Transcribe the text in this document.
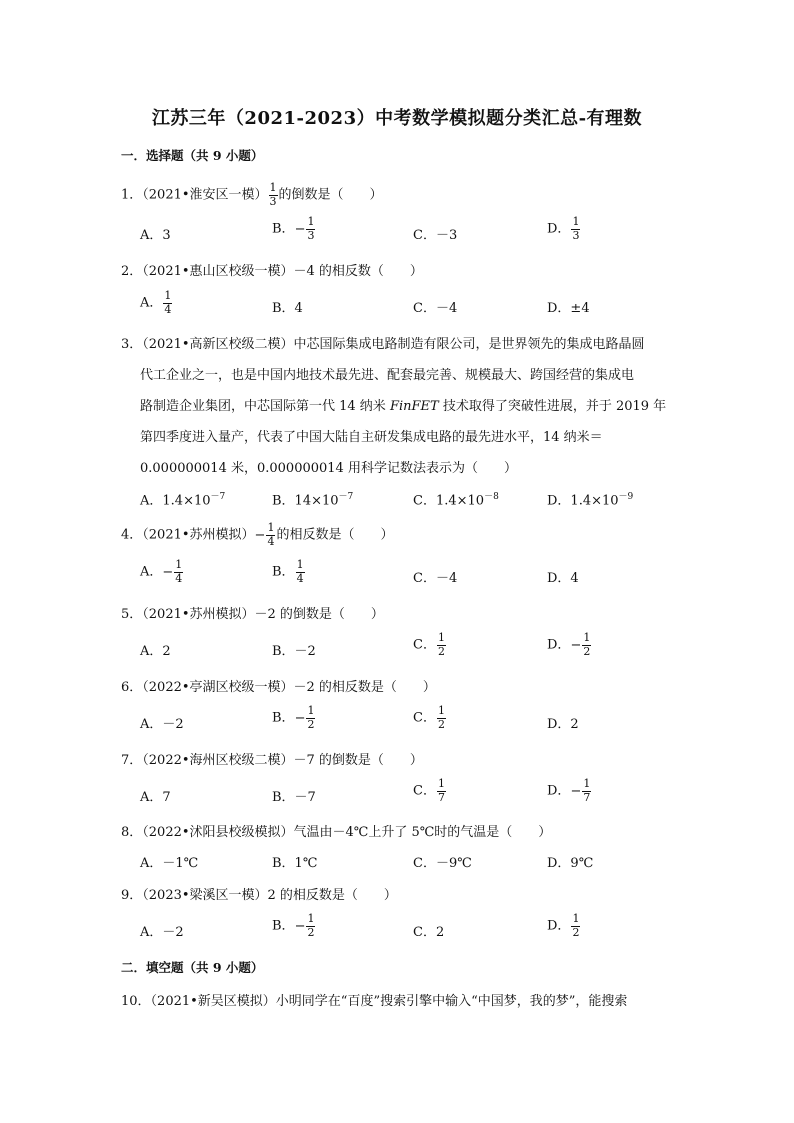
江苏三年（2021-2023）中考数学模拟题分类汇总-有理数
一．选择题（共 9 小题）
1．（2021•淮安区一模） $\frac{1}{3}$ 的倒数是（　　）
A．3	B．− $\frac{1}{3}$	C．－3	D． $\frac{1}{3}$
2．（2021•惠山区校级一模）－4 的相反数（　　）
A． $\frac{1}{4}$	B．4	C．－4	D．±4
3．（2021•高新区校级二模）中芯国际集成电路制造有限公司，是世界领先的集成电路晶圆
代工企业之一，也是中国内地技术最先进、配套最完善、规模最大、跨国经营的集成电
路制造企业集团，中芯国际第一代 14 纳米 FinFET 技术取得了突破性进展，并于 2019 年
第四季度进入量产，代表了中国大陆自主研发集成电路的最先进水平，14 纳米＝
0.000000014 米，0.000000014 用科学记数法表示为（　　）
A．$1.4\times 10^{-7}$	B．$14\times 10^{-7}$	C．$1.4\times 10^{-8}$	D．$1.4\times 10^{-9}$
4．（2021•苏州模拟）− $\frac{1}{4}$ 的相反数是（　　）
A．− $\frac{1}{4}$	B． $\frac{1}{4}$	C．－4	D．4
5．（2021•苏州模拟）－2 的倒数是（　　）
A．2	B．－2	C． $\frac{1}{2}$	D．− $\frac{1}{2}$
6．（2022•亭湖区校级一模）－2 的相反数是（　　）
A．－2	B．− $\frac{1}{2}$	C． $\frac{1}{2}$	D．2
7．（2022•海州区校级二模）－7 的倒数是（　　）
A．7	B．－7	C． $\frac{1}{7}$	D．− $\frac{1}{7}$
8．（2022•沭阳县校级模拟）气温由－4℃上升了 5℃时的气温是（　　）
A．－1℃	B．1℃	C．－9℃	D．9℃
9．（2023•梁溪区一模）2 的相反数是（　　）
A．－2	B．− $\frac{1}{2}$	C．2	D． $\frac{1}{2}$
二．填空题（共 9 小题）
10．（2021•新吴区模拟）小明同学在“百度”搜索引擎中输入“中国梦，我的梦”，能搜索
